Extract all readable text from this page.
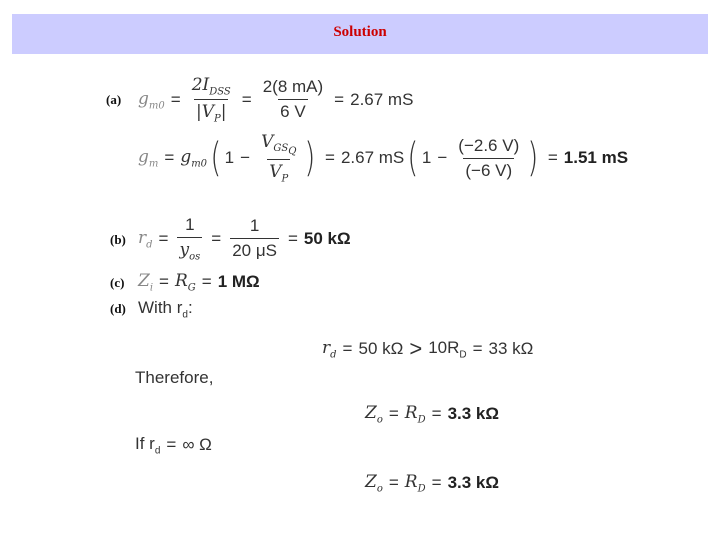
Solution
(a) $g_{m0} = \frac{2I_{DSS}}{|V_P|} = \frac{2(8 mA)}{6 V} = 2.67$ mS
$g_m = g_{m0}$ ( $1 - \frac{V_{GS_Q}}{V_P}$ ) = 2.67 mS ( $1 - \frac{(-2.6 V)}{(-6 V)}$ ) = 1.51 mS
(b) $r_d = \frac{1}{y_{os}} = \frac{1}{20 \mu S} = 50$ kΩ
(c) $Z_i = R_G = 1$ MΩ
(d) With $r_d$:
$r_d = 50$ $k\Omega > 10R_D = 33$ kΩ
Therefore,
$Z_o = R_D = 3.3$ kΩ
If $r_d$ = ∞ Ω
$Z_o = R_D = 3.3$ kΩ
